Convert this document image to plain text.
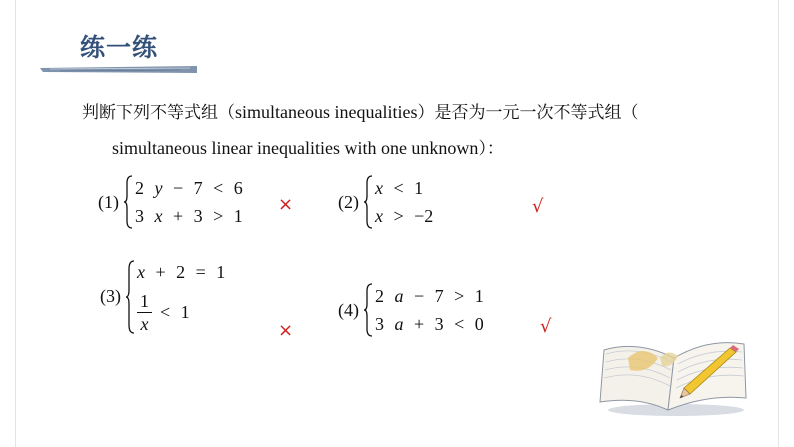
练一练
判断下列不等式组（simultaneous inequalities）是否为一元一次不等式组（
simultaneous linear inequalities with one unknown）：
(1)
2 y − 7 < 6
3 x + 3 > 1
× (2)
x < 1
x > −2	√
(3)
x + 2 = 1
$\frac{1}{x} < 1$
×
(4)
2 a − 7 > 1
3 a + 3 < 0	√
